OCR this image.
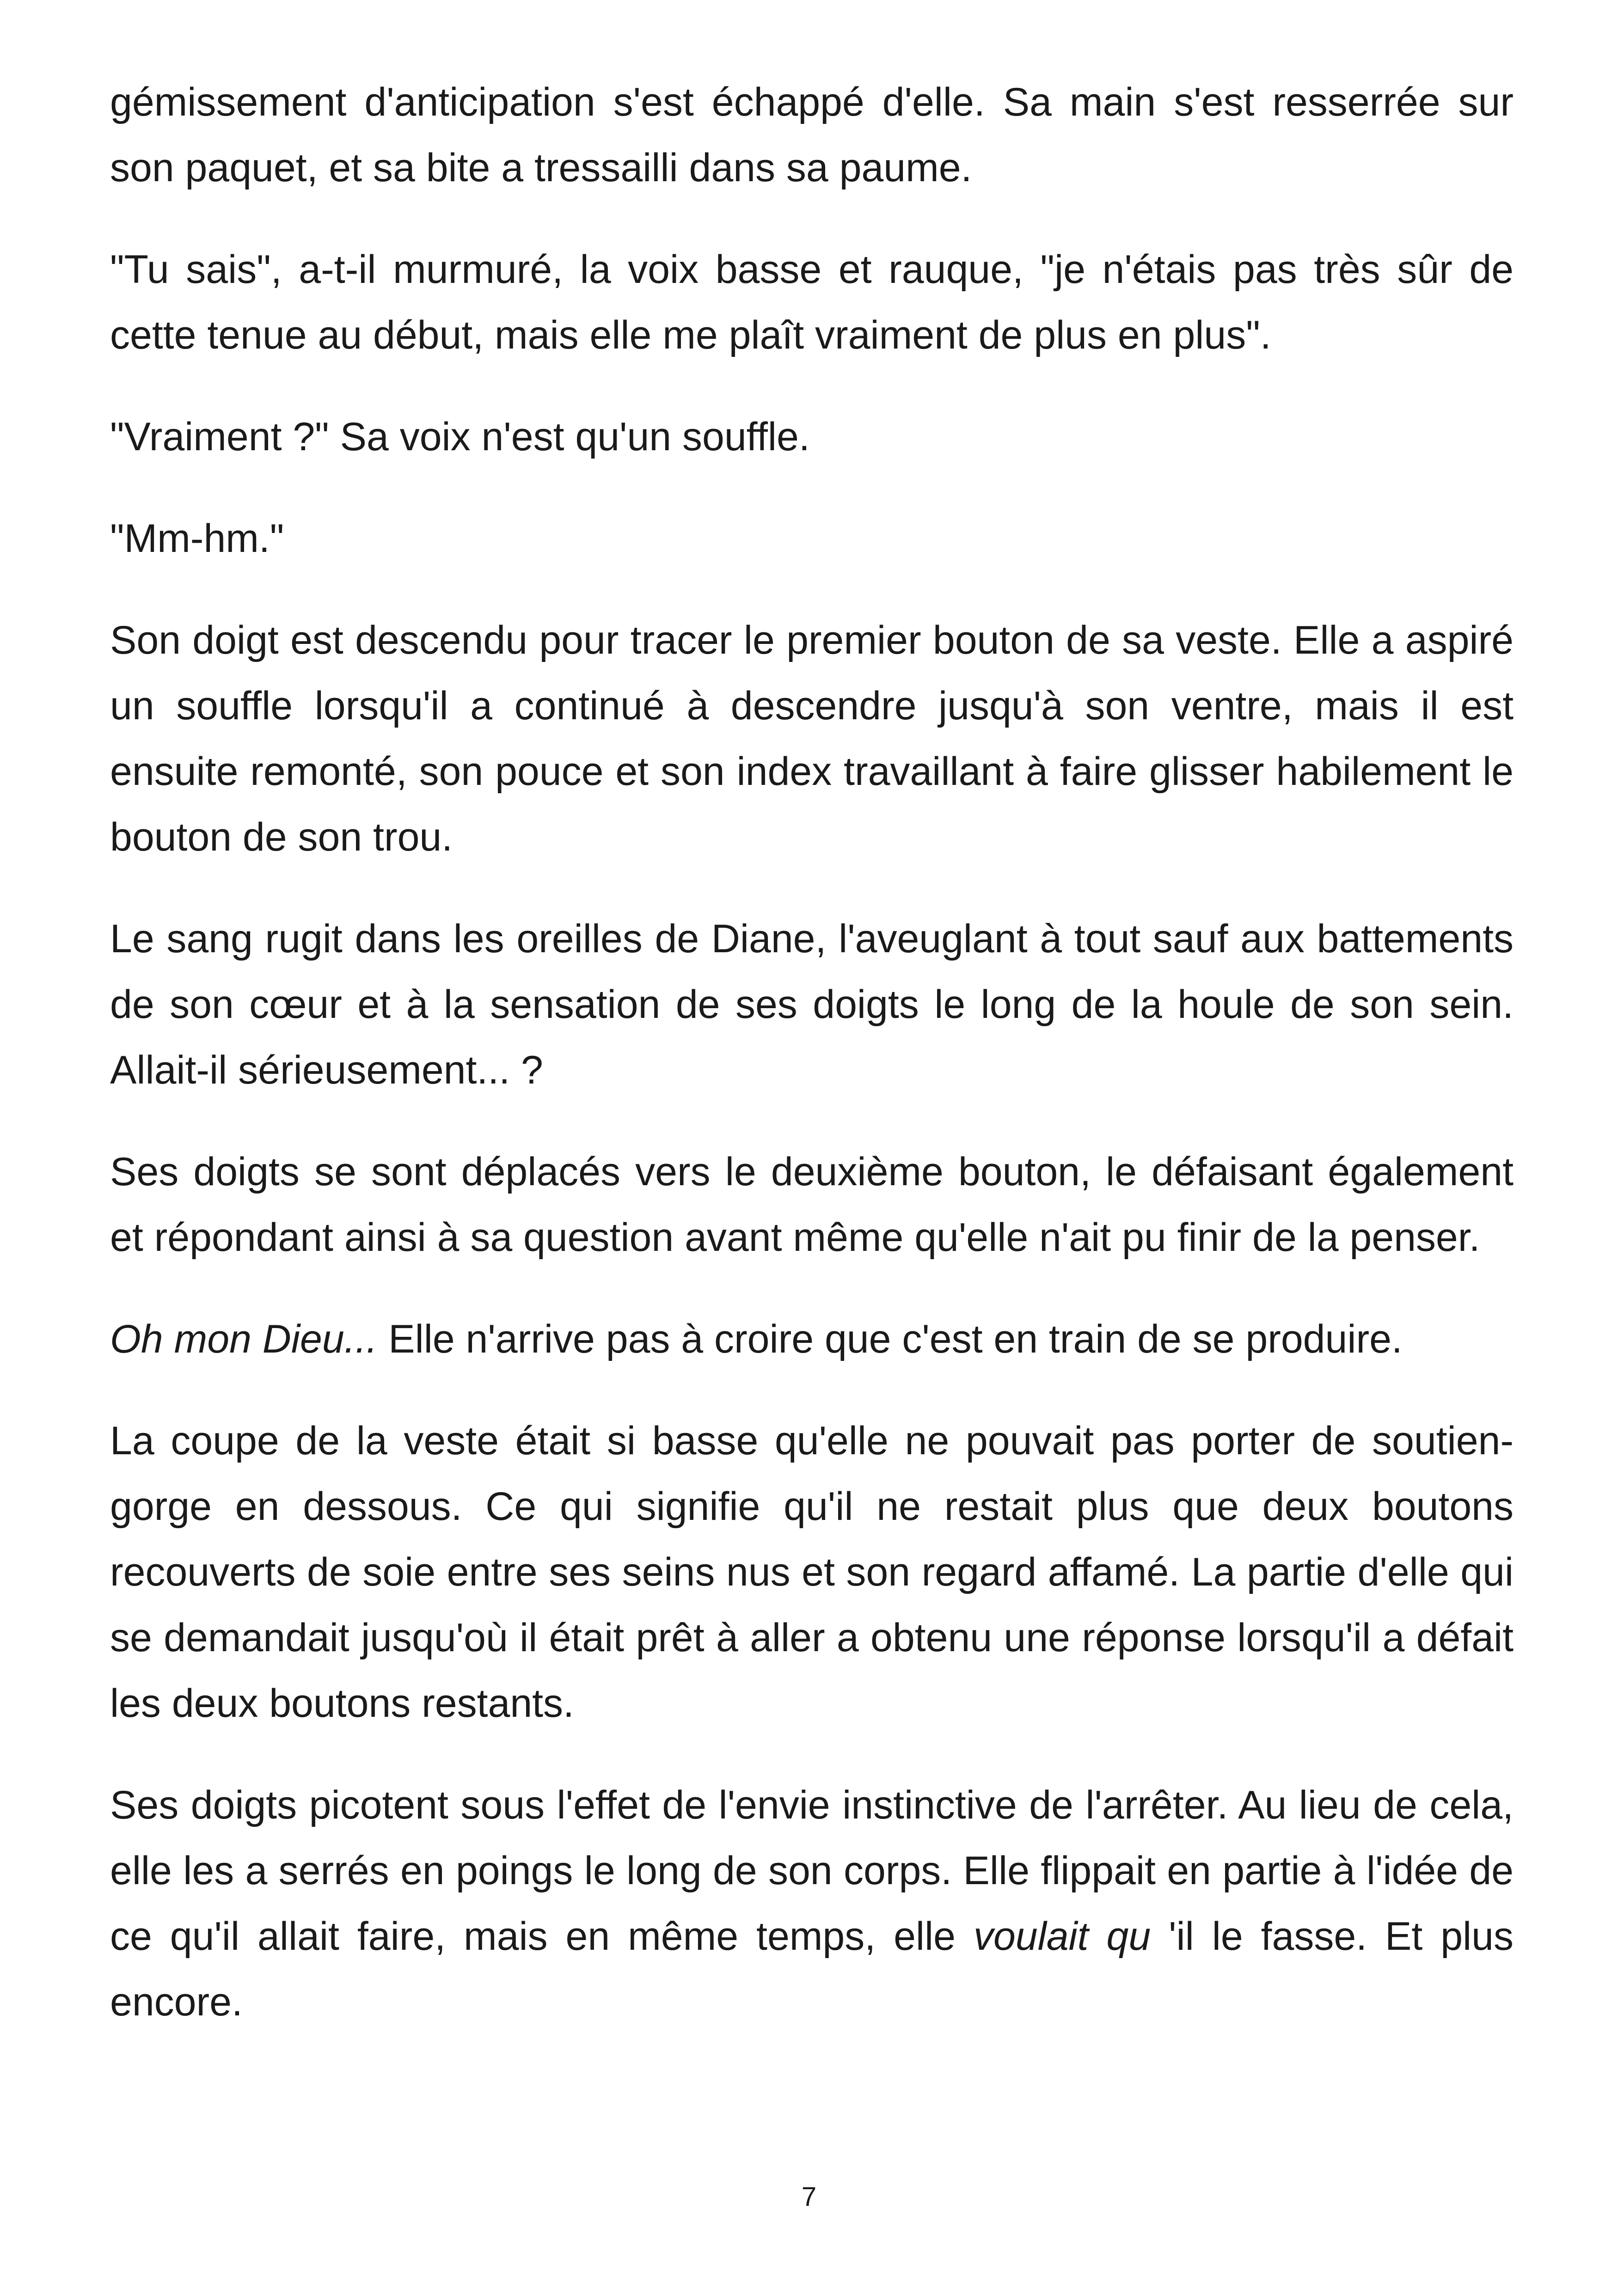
gémissement d'anticipation s'est échappé d'elle. Sa main s'est resserrée sur son paquet, et sa bite a tressailli dans sa paume.

"Tu sais", a-t-il murmuré, la voix basse et rauque, "je n'étais pas très sûr de cette tenue au début, mais elle me plaît vraiment de plus en plus".

"Vraiment ?" Sa voix n'est qu'un souffle.

"Mm-hm."

Son doigt est descendu pour tracer le premier bouton de sa veste. Elle a aspiré un souffle lorsqu'il a continué à descendre jusqu'à son ventre, mais il est ensuite remonté, son pouce et son index travaillant à faire glisser habilement le bouton de son trou.

Le sang rugit dans les oreilles de Diane, l'aveuglant à tout sauf aux battements de son cœur et à la sensation de ses doigts le long de la houle de son sein. Allait-il sérieusement... ?

Ses doigts se sont déplacés vers le deuxième bouton, le défaisant également et répondant ainsi à sa question avant même qu'elle n'ait pu finir de la penser.

Oh mon Dieu... Elle n'arrive pas à croire que c'est en train de se produire.

La coupe de la veste était si basse qu'elle ne pouvait pas porter de soutien-gorge en dessous. Ce qui signifie qu'il ne restait plus que deux boutons recouverts de soie entre ses seins nus et son regard affamé. La partie d'elle qui se demandait jusqu'où il était prêt à aller a obtenu une réponse lorsqu'il a défait les deux boutons restants.

Ses doigts picotent sous l'effet de l'envie instinctive de l'arrêter. Au lieu de cela, elle les a serrés en poings le long de son corps. Elle flippait en partie à l'idée de ce qu'il allait faire, mais en même temps, elle voulait qu 'il le fasse. Et plus encore.

7
